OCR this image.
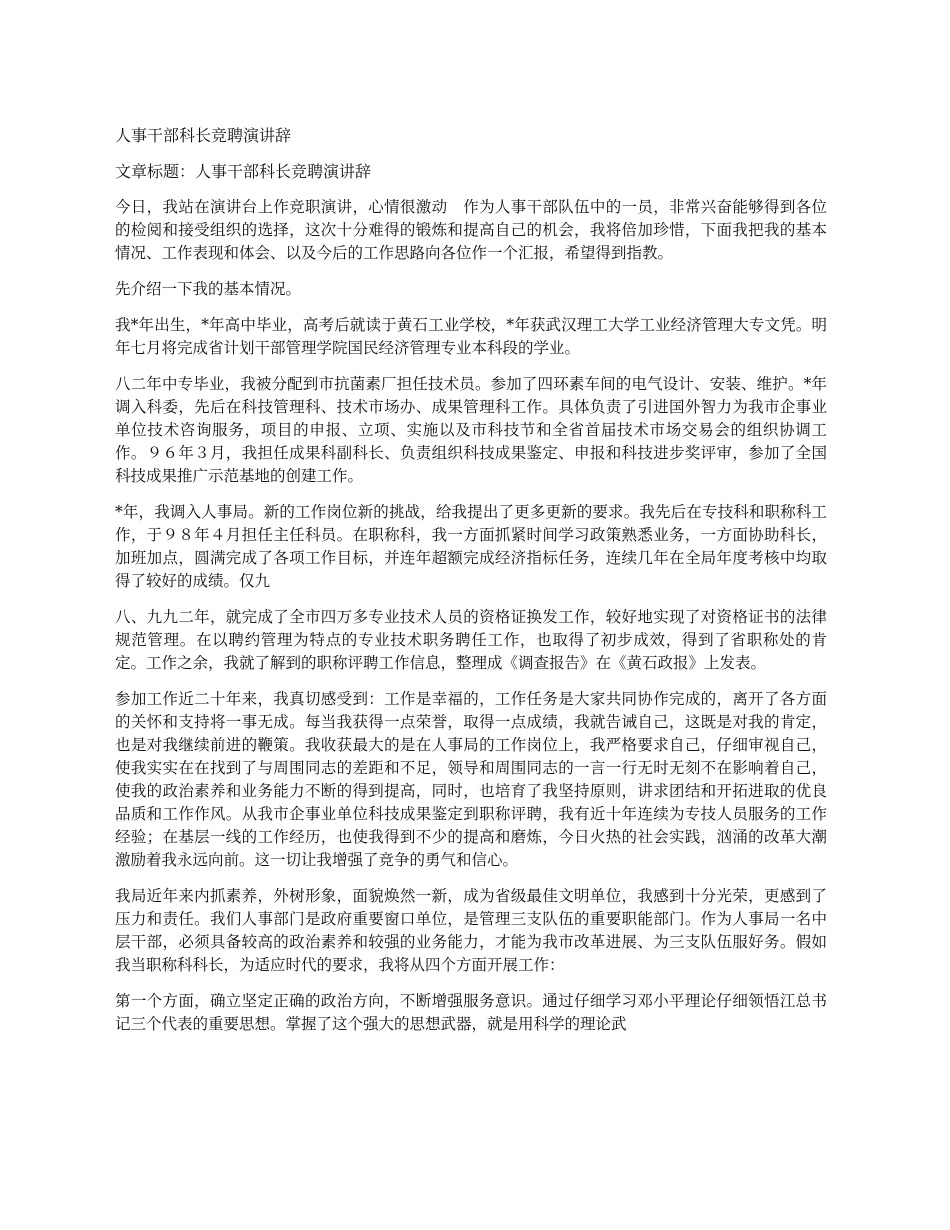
人事干部科长竞聘演讲辞

文章标题：人事干部科长竞聘演讲辞

今日，我站在演讲台上作竞职演讲，心情很激动　作为人事干部队伍中的一员，非常兴奋能够得到各位的检阅和接受组织的选择，这次十分难得的锻炼和提高自己的机会，我将倍加珍惜，下面我把我的基本情况、工作表现和体会、以及今后的工作思路向各位作一个汇报，希望得到指教。

先介绍一下我的基本情况。

我*年出生，*年高中毕业，高考后就读于黄石工业学校，*年获武汉理工大学工业经济管理大专文凭。明年七月将完成省计划干部管理学院国民经济管理专业本科段的学业。

八二年中专毕业，我被分配到市抗菌素厂担任技术员。参加了四环素车间的电气设计、安装、维护。*年调入科委，先后在科技管理科、技术市场办、成果管理科工作。具体负责了引进国外智力为我市企事业单位技术咨询服务，项目的申报、立项、实施以及市科技节和全省首届技术市场交易会的组织协调工作。９６年３月，我担任成果科副科长、负责组织科技成果鉴定、申报和科技进步奖评审，参加了全国科技成果推广示范基地的创建工作。

*年，我调入人事局。新的工作岗位新的挑战，给我提出了更多更新的要求。我先后在专技科和职称科工作，于９８年４月担任主任科员。在职称科，我一方面抓紧时间学习政策熟悉业务，一方面协助科长，加班加点，圆满完成了各项工作目标，并连年超额完成经济指标任务，连续几年在全局年度考核中均取得了较好的成绩。仅九

八、九九二年，就完成了全市四万多专业技术人员的资格证换发工作，较好地实现了对资格证书的法律规范管理。在以聘约管理为特点的专业技术职务聘任工作，也取得了初步成效，得到了省职称处的肯定。工作之余，我就了解到的职称评聘工作信息，整理成《调查报告》在《黄石政报》上发表。

参加工作近二十年来，我真切感受到：工作是幸福的，工作任务是大家共同协作完成的，离开了各方面的关怀和支持将一事无成。每当我获得一点荣誉，取得一点成绩，我就告诫自己，这既是对我的肯定，也是对我继续前进的鞭策。我收获最大的是在人事局的工作岗位上，我严格要求自己，仔细审视自己，使我实实在在找到了与周围同志的差距和不足，领导和周围同志的一言一行无时无刻不在影响着自己，使我的政治素养和业务能力不断的得到提高，同时，也培育了我坚持原则，讲求团结和开拓进取的优良品质和工作作风。从我市企事业单位科技成果鉴定到职称评聘，我有近十年连续为专技人员服务的工作经验；在基层一线的工作经历，也使我得到不少的提高和磨炼，今日火热的社会实践，汹涌的改革大潮激励着我永远向前。这一切让我增强了竞争的勇气和信心。

我局近年来内抓素养，外树形象，面貌焕然一新，成为省级最佳文明单位，我感到十分光荣，更感到了压力和责任。我们人事部门是政府重要窗口单位，是管理三支队伍的重要职能部门。作为人事局一名中层干部，必须具备较高的政治素养和较强的业务能力，才能为我市改革进展、为三支队伍服好务。假如我当职称科科长，为适应时代的要求，我将从四个方面开展工作：

第一个方面，确立坚定正确的政治方向，不断增强服务意识。通过仔细学习邓小平理论仔细领悟江总书记三个代表的重要思想。掌握了这个强大的思想武器，就是用科学的理论武
